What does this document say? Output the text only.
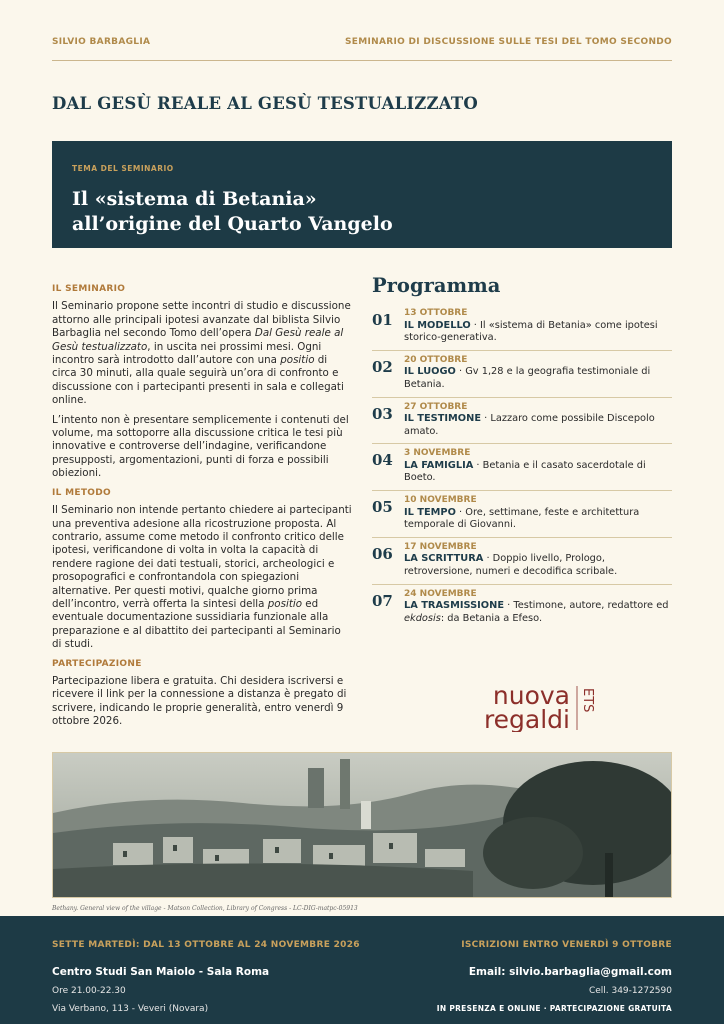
SILVIO BARBAGLIA	SEMINARIO DI DISCUSSIONE SULLE TESI DEL TOMO SECONDO
DAL GESÙ REALE AL GESÙ TESTUALIZZATO
TEMA DEL SEMINARIO
Il «sistema di Betania»
all’origine del Quarto Vangelo
IL SEMINARIO

Il Seminario propone sette incontri di studio e discussione attorno alle principali ipotesi avanzate dal biblista Silvio Barbaglia nel secondo Tomo dell’opera Dal Gesù reale al Gesù testualizzato, in uscita nei prossimi mesi. Ogni incontro sarà introdotto dall’autore con una positio di circa 30 minuti, alla quale seguirà un’ora di confronto e discussione con i partecipanti presenti in sala e collegati online.

L’intento non è presentare semplicemente i contenuti del volume, ma sottoporre alla discussione critica le tesi più innovative e controverse dell’indagine, verificandone presupposti, argomentazioni, punti di forza e possibili obiezioni.

IL METODO

Il Seminario non intende pertanto chiedere ai partecipanti una preventiva adesione alla ricostruzione proposta. Al contrario, assume come metodo il confronto critico delle ipotesi, verificandone di volta in volta la capacità di rendere ragione dei dati testuali, storici, archeologici e prosopografici e confrontandola con spiegazioni alternative. Per questi motivi, qualche giorno prima dell’incontro, verrà offerta la sintesi della positio ed eventuale documentazione sussidiaria funzionale alla preparazione e al dibattito dei partecipanti al Seminario di studi.

PARTECIPAZIONE

Partecipazione libera e gratuita. Chi desidera iscriversi e ricevere il link per la connessione a distanza è pregato di scrivere, indicando le proprie generalità, entro venerdì 9 ottobre 2026.

Programma
01	13 OTTOBRE
IL MODELLO · Il «sistema di Betania» come ipotesi storico-generativa.
02	20 OTTOBRE
IL LUOGO · Gv 1,28 e la geografia testimoniale di Betania.
03	27 OTTOBRE
IL TESTIMONE · Lazzaro come possibile Discepolo amato.
04	3 NOVEMBRE
LA FAMIGLIA · Betania e il casato sacerdotale di Boeto.
05	10 NOVEMBRE
IL TEMPO · Ore, settimane, feste e architettura temporale di Giovanni.
06	17 NOVEMBRE
LA SCRITTURA · Doppio livello, Prologo, retroversione, numeri e decodifica scribale.
07	24 NOVEMBRE
LA TRASMISSIONE · Testimone, autore, redattore ed ekdosis: da Betania a Efeso.
nuova
regaldi
ETS
Bethany. General view of the village - Matson Collection, Library of Congress - LC-DIG-matpc-05913
SETTE MARTEDÌ: DAL 13 OTTOBRE AL 24 NOVEMBRE 2026
Centro Studi San Maiolo - Sala Roma
Ore 21.00-22.30
Via Verbano, 113 - Veveri (Novara)
ISCRIZIONI ENTRO VENERDÌ 9 OTTOBRE
Email: silvio.barbaglia@gmail.com
Cell. 349-1272590
IN PRESENZA E ONLINE · PARTECIPAZIONE GRATUITA
